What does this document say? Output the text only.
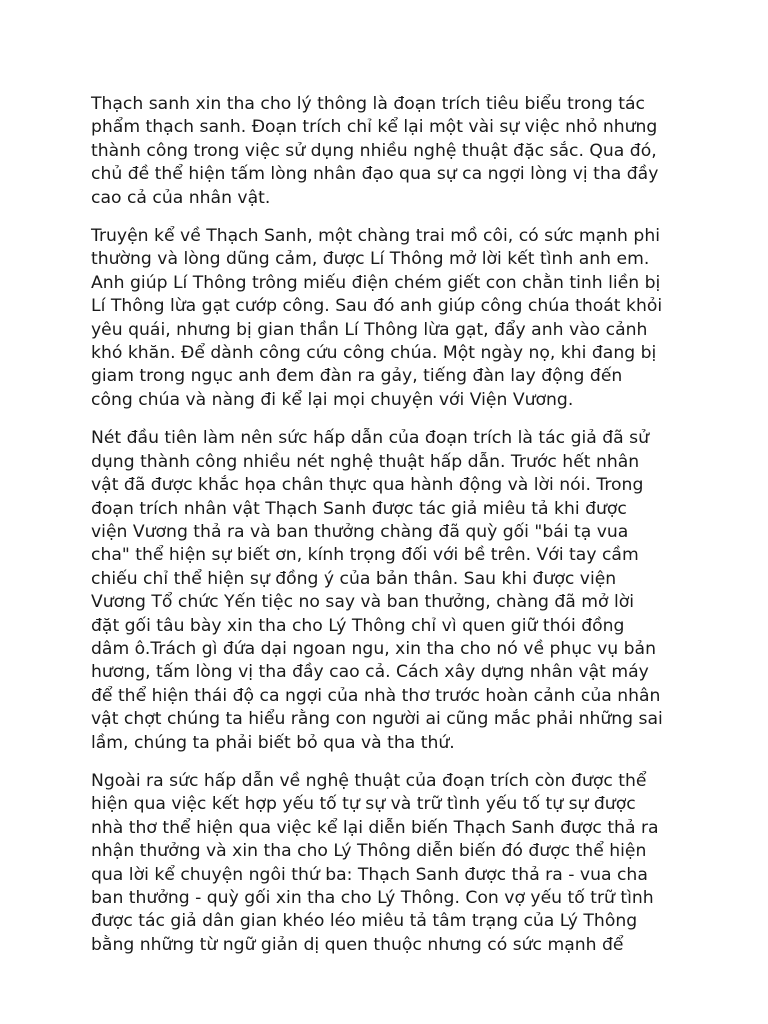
Thạch sanh xin tha cho lý thông là đoạn trích tiêu biểu trong tác
phẩm thạch sanh. Đoạn trích chỉ kể lại một vài sự việc nhỏ nhưng
thành công trong việc sử dụng nhiều nghệ thuật đặc sắc. Qua đó,
chủ đề thể hiện tấm lòng nhân đạo qua sự ca ngợi lòng vị tha đầy
cao cả của nhân vật.

Truyện kể về Thạch Sanh, một chàng trai mồ côi, có sức mạnh phi
thường và lòng dũng cảm, được Lí Thông mở lời kết tình anh em.
Anh giúp Lí Thông trông miếu điện chém giết con chằn tinh liền bị
Lí Thông lừa gạt cướp công. Sau đó anh giúp công chúa thoát khỏi
yêu quái, nhưng bị gian thần Lí Thông lừa gạt, đẩy anh vào cảnh
khó khăn. Để dành công cứu công chúa. Một ngày nọ, khi đang bị
giam trong ngục anh đem đàn ra gảy, tiếng đàn lay động đến
công chúa và nàng đi kể lại mọi chuyện với Viện Vương.

Nét đầu tiên làm nên sức hấp dẫn của đoạn trích là tác giả đã sử
dụng thành công nhiều nét nghệ thuật hấp dẫn. Trước hết nhân
vật đã được khắc họa chân thực qua hành động và lời nói. Trong
đoạn trích nhân vật Thạch Sanh được tác giả miêu tả khi được
viện Vương thả ra và ban thưởng chàng đã quỳ gối "bái tạ vua
cha" thể hiện sự biết ơn, kính trọng đối với bề trên. Với tay cầm
chiếu chỉ thể hiện sự đồng ý của bản thân. Sau khi được viện
Vương Tổ chức Yến tiệc no say và ban thưởng, chàng đã mở lời
đặt gối tâu bày xin tha cho Lý Thông chỉ vì quen giữ thói đồng
dâm ô.Trách gì đứa dại ngoan ngu, xin tha cho nó về phục vụ bản
hương, tấm lòng vị tha đầy cao cả. Cách xây dựng nhân vật máy
để thể hiện thái độ ca ngợi của nhà thơ trước hoàn cảnh của nhân
vật chợt chúng ta hiểu rằng con người ai cũng mắc phải những sai
lầm, chúng ta phải biết bỏ qua và tha thứ.

Ngoài ra sức hấp dẫn về nghệ thuật của đoạn trích còn được thể
hiện qua việc kết hợp yếu tố tự sự và trữ tình yếu tố tự sự được
nhà thơ thể hiện qua việc kể lại diễn biến Thạch Sanh được thả ra
nhận thưởng và xin tha cho Lý Thông diễn biến đó được thể hiện
qua lời kể chuyện ngôi thứ ba: Thạch Sanh được thả ra - vua cha
ban thưởng - quỳ gối xin tha cho Lý Thông. Con vợ yếu tố trữ tình
được tác giả dân gian khéo léo miêu tả tâm trạng của Lý Thông
bằng những từ ngữ giản dị quen thuộc nhưng có sức mạnh để
